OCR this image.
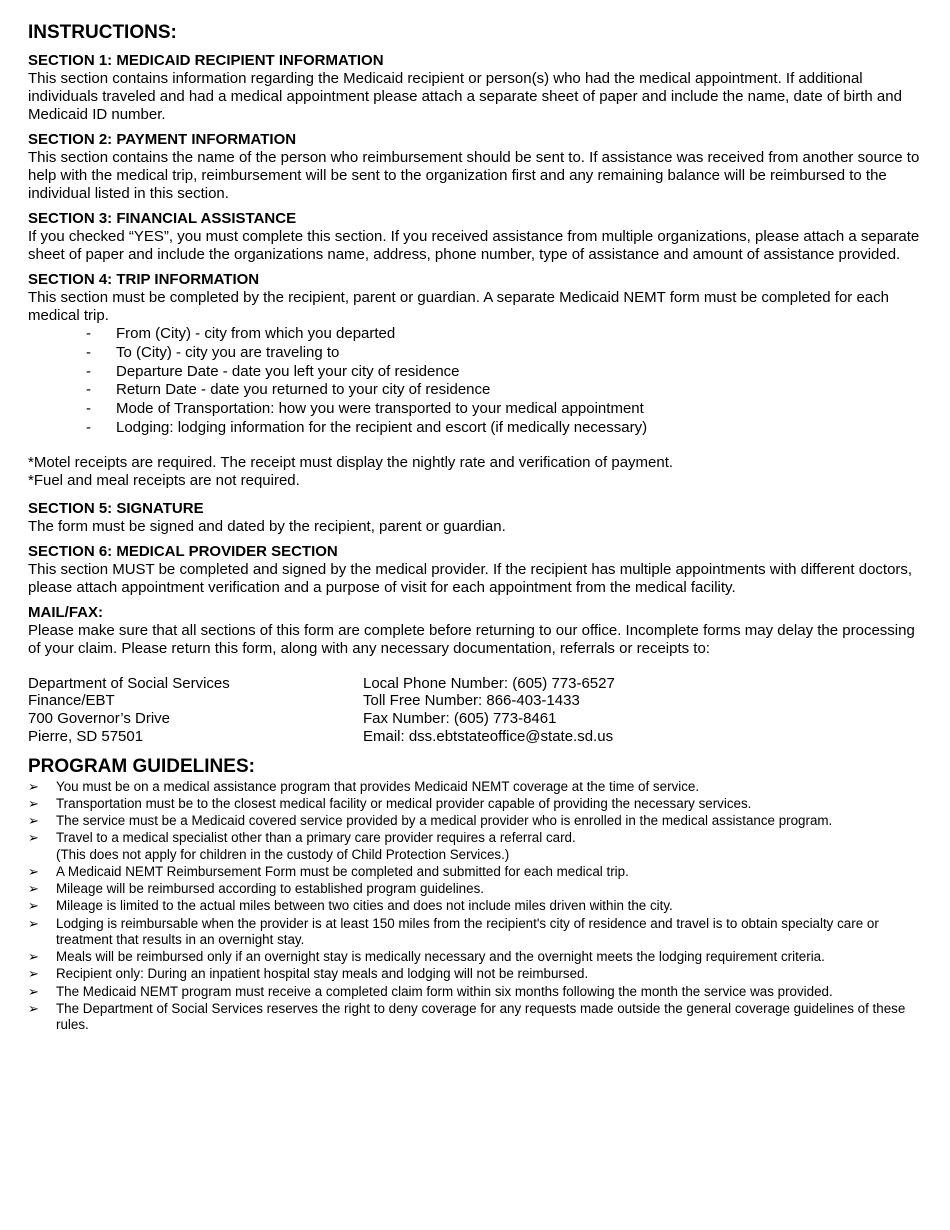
INSTRUCTIONS:
SECTION 1: MEDICAID RECIPIENT INFORMATION
This section contains information regarding the Medicaid recipient or person(s) who had the medical appointment. If additional individuals traveled and had a medical appointment please attach a separate sheet of paper and include the name, date of birth and Medicaid ID number.
SECTION 2: PAYMENT INFORMATION
This section contains the name of the person who reimbursement should be sent to. If assistance was received from another source to help with the medical trip, reimbursement will be sent to the organization first and any remaining balance will be reimbursed to the individual listed in this section.
SECTION 3: FINANCIAL ASSISTANCE
If you checked “YES”, you must complete this section. If you received assistance from multiple organizations, please attach a separate sheet of paper and include the organizations name, address, phone number, type of assistance and amount of assistance provided.
SECTION 4: TRIP INFORMATION
This section must be completed by the recipient, parent or guardian. A separate Medicaid NEMT form must be completed for each medical trip.
- From (City) - city from which you departed
- To (City) - city you are traveling to
- Departure Date - date you left your city of residence
- Return Date - date you returned to your city of residence
- Mode of Transportation: how you were transported to your medical appointment
- Lodging: lodging information for the recipient and escort (if medically necessary)
*Motel receipts are required. The receipt must display the nightly rate and verification of payment.
*Fuel and meal receipts are not required.
SECTION 5: SIGNATURE
The form must be signed and dated by the recipient, parent or guardian.
SECTION 6: MEDICAL PROVIDER SECTION
This section MUST be completed and signed by the medical provider. If the recipient has multiple appointments with different doctors, please attach appointment verification and a purpose of visit for each appointment from the medical facility.
MAIL/FAX:
Please make sure that all sections of this form are complete before returning to our office. Incomplete forms may delay the processing of your claim. Please return this form, along with any necessary documentation, referrals or receipts to:
Department of Social Services
Finance/EBT
700 Governor’s Drive
Pierre, SD 57501
Local Phone Number: (605) 773-6527
Toll Free Number: 866-403-1433
Fax Number: (605) 773-8461
Email: dss.ebtstateoffice@state.sd.us
PROGRAM GUIDELINES:
➢ You must be on a medical assistance program that provides Medicaid NEMT coverage at the time of service.
➢ Transportation must be to the closest medical facility or medical provider capable of providing the necessary services.
➢ The service must be a Medicaid covered service provided by a medical provider who is enrolled in the medical assistance program.
➢ Travel to a medical specialist other than a primary care provider requires a referral card.
(This does not apply for children in the custody of Child Protection Services.)
➢ A Medicaid NEMT Reimbursement Form must be completed and submitted for each medical trip.
➢ Mileage will be reimbursed according to established program guidelines.
➢ Mileage is limited to the actual miles between two cities and does not include miles driven within the city.
➢ Lodging is reimbursable when the provider is at least 150 miles from the recipient's city of residence and travel is to obtain specialty care or treatment that results in an overnight stay.
➢ Meals will be reimbursed only if an overnight stay is medically necessary and the overnight meets the lodging requirement criteria.
➢ Recipient only: During an inpatient hospital stay meals and lodging will not be reimbursed.
➢ The Medicaid NEMT program must receive a completed claim form within six months following the month the service was provided.
➢ The Department of Social Services reserves the right to deny coverage for any requests made outside the general coverage guidelines of these rules.
